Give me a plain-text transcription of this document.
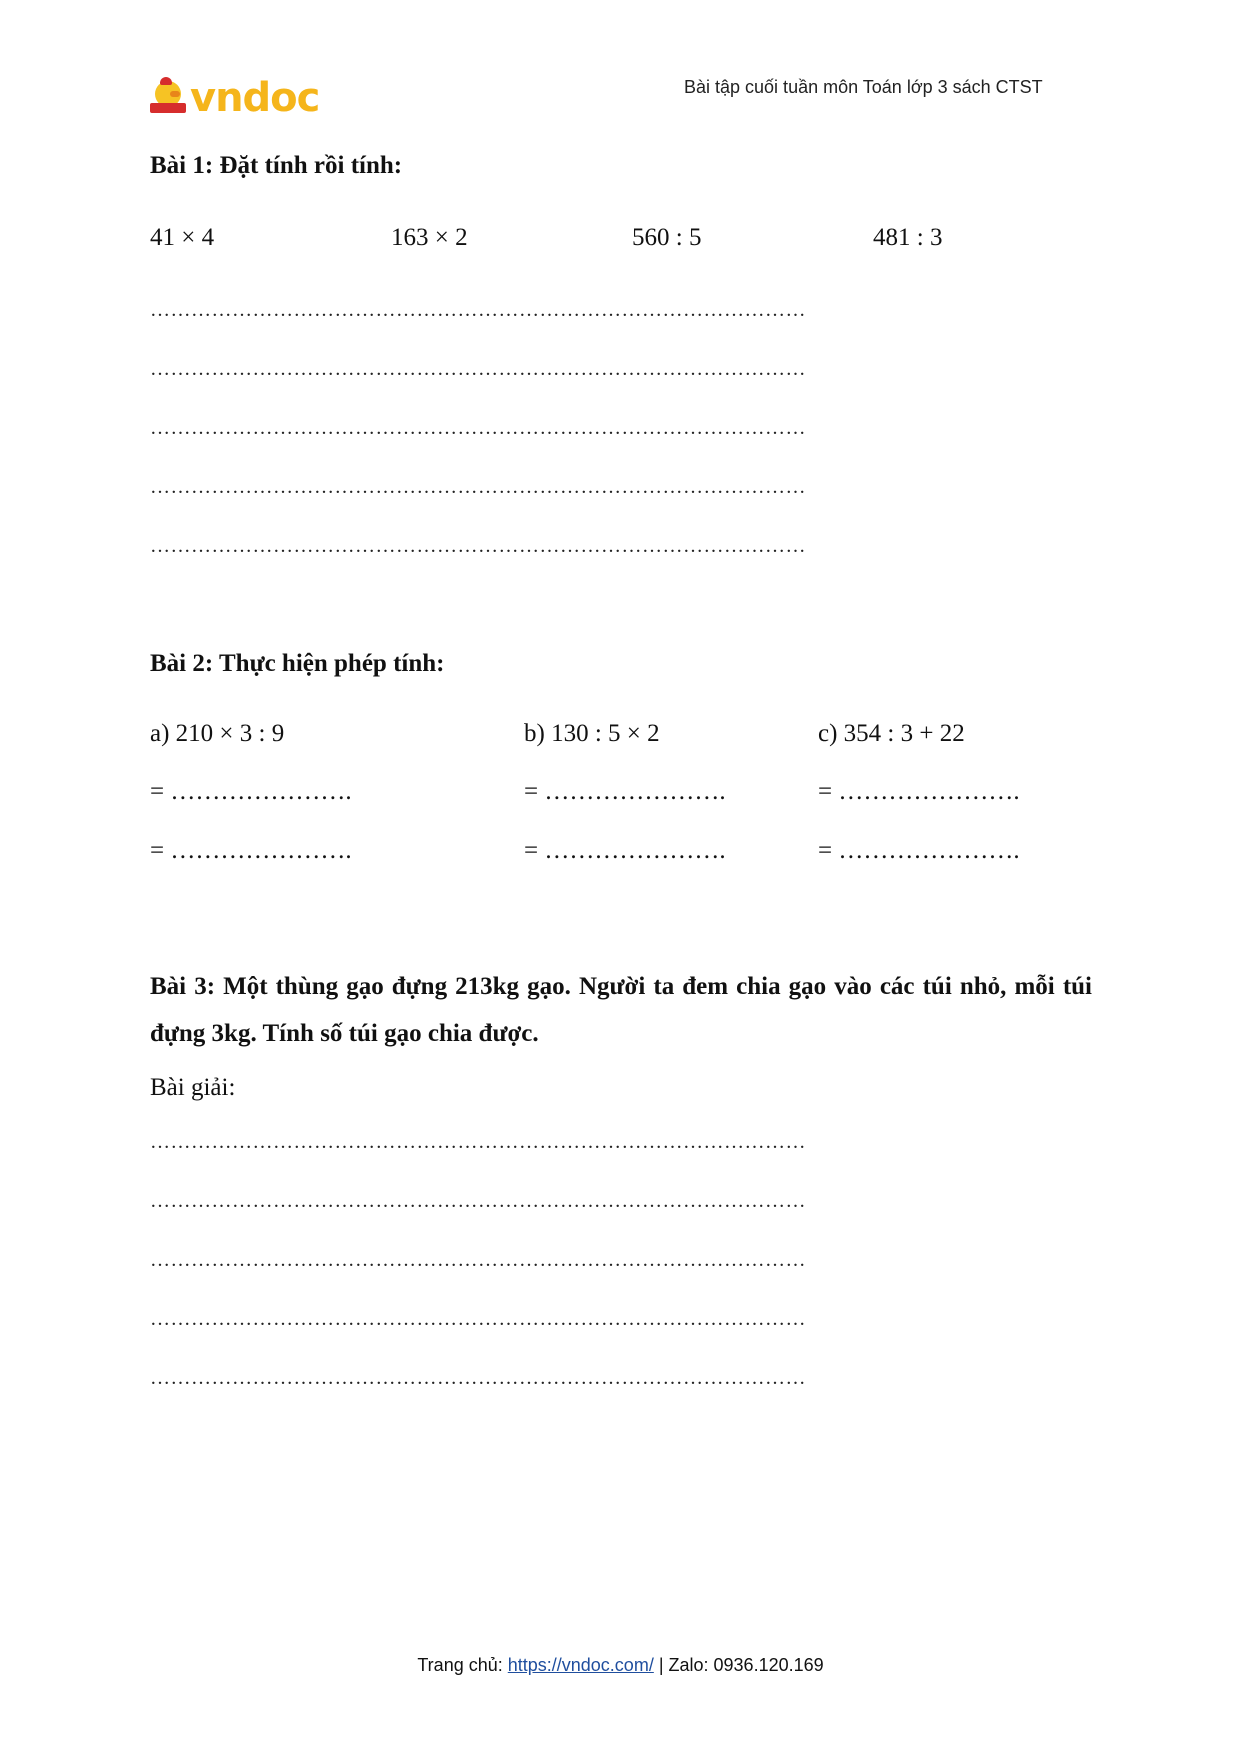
vndoc	Bài tập cuối tuần môn Toán lớp 3 sách CTST
Bài 1: Đặt tính rồi tính:
41 × 4	163 × 2	560 : 5	481 : 3
……………………………………………………………………………………
……………………………………………………………………………………
……………………………………………………………………………………
……………………………………………………………………………………
……………………………………………………………………………………
Bài 2: Thực hiện phép tính:
a) 210 × 3 : 9	b) 130 : 5 × 2	c) 354 : 3 + 22
= ………………….	= ………………….	= ………………….
= ………………….	= ………………….	= ………………….
Bài 3: Một thùng gạo đựng 213kg gạo. Người ta đem chia gạo vào các túi nhỏ, mỗi túi đựng 3kg. Tính số túi gạo chia được.
Bài giải:
……………………………………………………………………………………
……………………………………………………………………………………
……………………………………………………………………………………
……………………………………………………………………………………
……………………………………………………………………………………
Trang chủ: https://vndoc.com/ | Zalo: 0936.120.169
